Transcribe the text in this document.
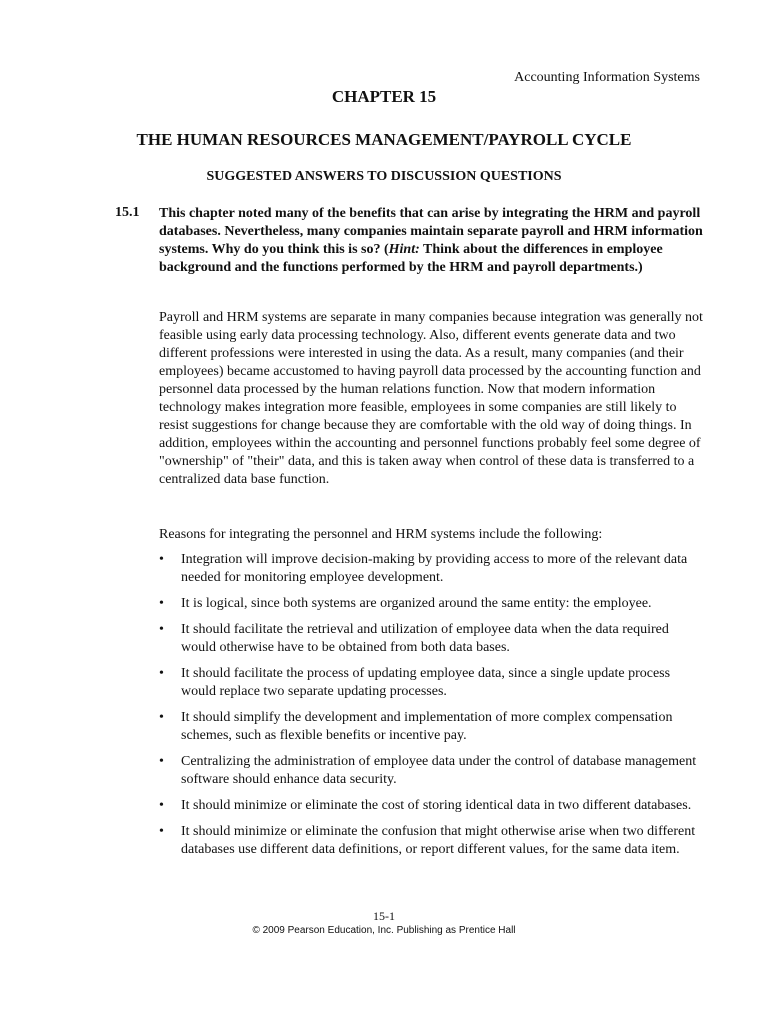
Accounting Information Systems

CHAPTER 15
THE HUMAN RESOURCES MANAGEMENT/PAYROLL CYCLE
SUGGESTED ANSWERS TO DISCUSSION QUESTIONS

15.1 This chapter noted many of the benefits that can arise by integrating the HRM and payroll databases. Nevertheless, many companies maintain separate payroll and HRM information systems. Why do you think this is so? (Hint: Think about the differences in employee background and the functions performed by the HRM and payroll departments.)

Payroll and HRM systems are separate in many companies because integration was generally not feasible using early data processing technology. Also, different events generate data and two different professions were interested in using the data. As a result, many companies (and their employees) became accustomed to having payroll data processed by the accounting function and personnel data processed by the human relations function. Now that modern information technology makes integration more feasible, employees in some companies are still likely to resist suggestions for change because they are comfortable with the old way of doing things. In addition, employees within the accounting and personnel functions probably feel some degree of "ownership" of "their" data, and this is taken away when control of these data is transferred to a centralized data base function.

Reasons for integrating the personnel and HRM systems include the following:

• Integration will improve decision-making by providing access to more of the relevant data needed for monitoring employee development.
• It is logical, since both systems are organized around the same entity: the employee.
• It should facilitate the retrieval and utilization of employee data when the data required would otherwise have to be obtained from both data bases.
• It should facilitate the process of updating employee data, since a single update process would replace two separate updating processes.
• It should simplify the development and implementation of more complex compensation schemes, such as flexible benefits or incentive pay.
• Centralizing the administration of employee data under the control of database management software should enhance data security.
• It should minimize or eliminate the cost of storing identical data in two different databases.
• It should minimize or eliminate the confusion that might otherwise arise when two different databases use different data definitions, or report different values, for the same data item.

15-1

© 2009 Pearson Education, Inc. Publishing as Prentice Hall
